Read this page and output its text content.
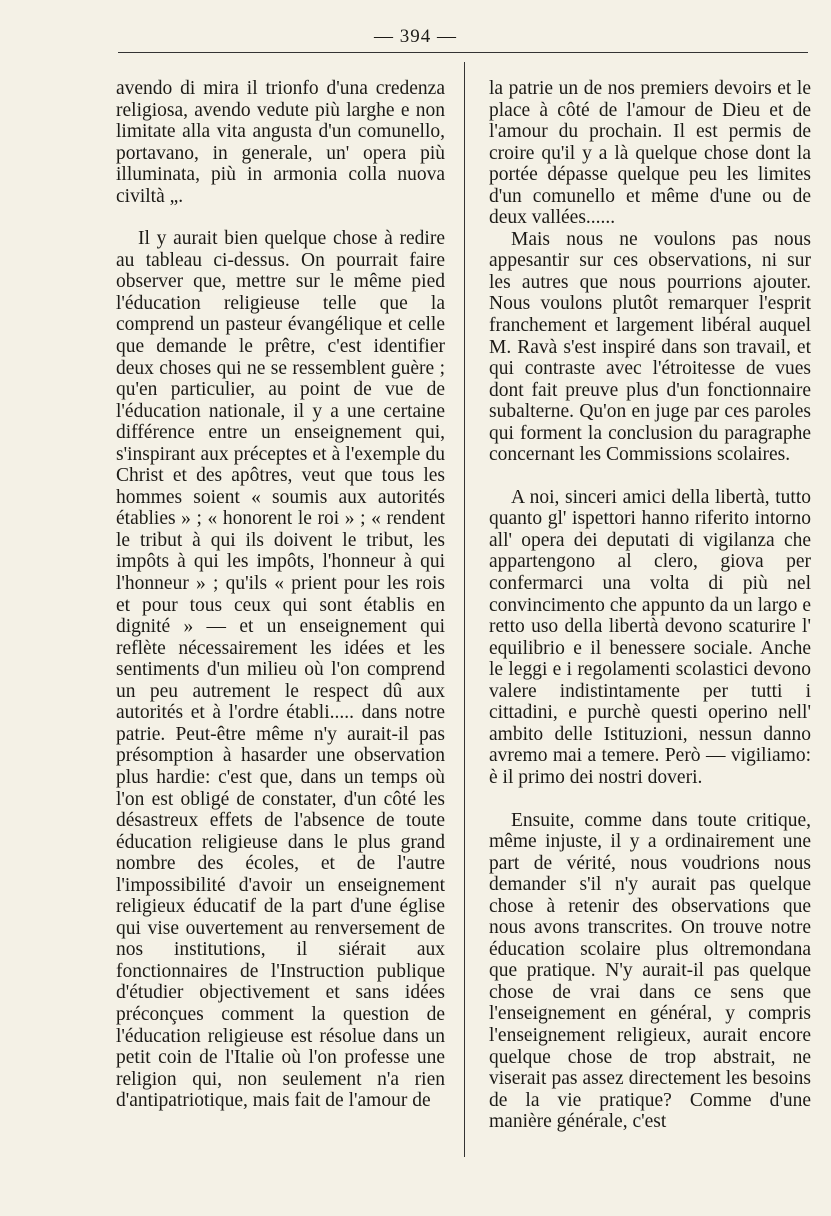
— 394 —

avendo di mira il trionfo d'una credenza religiosa, avendo vedute più larghe e non limitate alla vita angusta d'un comunello, portavano, in generale, un' opera più illuminata, più in armonia colla nuova civiltà „.

Il y aurait bien quelque chose à redire au tableau ci-dessus. On pourrait faire observer que, mettre sur le même pied l'éducation religieuse telle que la comprend un pasteur évangélique et celle que demande le prêtre, c'est identifier deux choses qui ne se ressemblent guère ; qu'en particulier, au point de vue de l'éducation nationale, il y a une certaine différence entre un enseignement qui, s'inspirant aux préceptes et à l'exemple du Christ et des apôtres, veut que tous les hommes soient « soumis aux autorités établies » ; « honorent le roi » ; « rendent le tribut à qui ils doivent le tribut, les impôts à qui les impôts, l'honneur à qui l'honneur » ; qu'ils « prient pour les rois et pour tous ceux qui sont établis en dignité » — et un enseignement qui reflète nécessairement les idées et les sentiments d'un milieu où l'on comprend un peu autrement le respect dû aux autorités et à l'ordre établi..... dans notre patrie. Peut-être même n'y aurait-il pas présomption à hasarder une observation plus hardie: c'est que, dans un temps où l'on est obligé de constater, d'un côté les désastreux effets de l'absence de toute éducation religieuse dans le plus grand nombre des écoles, et de l'autre l'impossibilité d'avoir un enseignement religieux éducatif de la part d'une église qui vise ouvertement au renversement de nos institutions, il siérait aux fonctionnaires de l'Instruction publique d'étudier objectivement et sans idées préconçues comment la question de l'éducation religieuse est résolue dans un petit coin de l'Italie où l'on professe une religion qui, non seulement n'a rien d'antipatriotique, mais fait de l'amour de

la patrie un de nos premiers devoirs et le place à côté de l'amour de Dieu et de l'amour du prochain. Il est permis de croire qu'il y a là quelque chose dont la portée dépasse quelque peu les limites d'un comunello et même d'une ou de deux vallées......

Mais nous ne voulons pas nous appesantir sur ces observations, ni sur les autres que nous pourrions ajouter. Nous voulons plutôt remarquer l'esprit franchement et largement libéral auquel M. Ravà s'est inspiré dans son travail, et qui contraste avec l'étroitesse de vues dont fait preuve plus d'un fonctionnaire subalterne. Qu'on en juge par ces paroles qui forment la conclusion du paragraphe concernant les Commissions scolaires.

A noi, sinceri amici della libertà, tutto quanto gl' ispettori hanno riferito intorno all' opera dei deputati di vigilanza che appartengono al clero, giova per confermarci una volta di più nel convincimento che appunto da un largo e retto uso della libertà devono scaturire l' equilibrio e il benessere sociale. Anche le leggi e i regolamenti scolastici devono valere indistintamente per tutti i cittadini, e purchè questi operino nell' ambito delle Istituzioni, nessun danno avremo mai a temere. Però — vigiliamo: è il primo dei nostri doveri.

Ensuite, comme dans toute critique, même injuste, il y a ordinairement une part de vérité, nous voudrions nous demander s'il n'y aurait pas quelque chose à retenir des observations que nous avons transcrites. On trouve notre éducation scolaire plus oltremondana que pratique. N'y aurait-il pas quelque chose de vrai dans ce sens que l'enseignement en général, y compris l'enseignement religieux, aurait encore quelque chose de trop abstrait, ne viserait pas assez directement les besoins de la vie pratique? Comme d'une manière générale, c'est
